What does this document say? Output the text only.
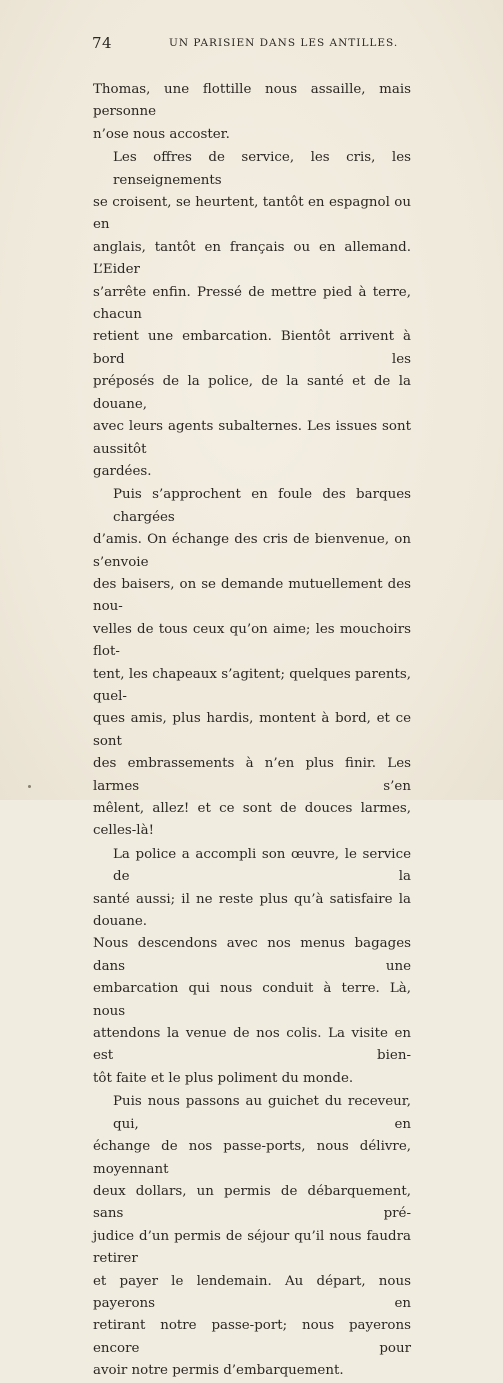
74	UN PARISIEN DANS LES ANTILLES.

Thomas, une flottille nous assaille, mais personne
n’ose nous accoster.

Les offres de service, les cris, les renseignements
se croisent, se heurtent, tantôt en espagnol ou en
anglais, tantôt en français ou en allemand. L’Eider
s’arrête enfin. Pressé de mettre pied à terre, chacun
retient une embarcation. Bientôt arrivent à bord les
préposés de la police, de la santé et de la douane,
avec leurs agents subalternes. Les issues sont aussitôt
gardées.

Puis s’approchent en foule des barques chargées
d’amis. On échange des cris de bienvenue, on s’envoie
des baisers, on se demande mutuellement des nou-
velles de tous ceux qu’on aime; les mouchoirs flot-
tent, les chapeaux s’agitent; quelques parents, quel-
ques amis, plus hardis, montent à bord, et ce sont
des embrassements à n’en plus finir. Les larmes s’en
mêlent, allez! et ce sont de douces larmes, celles-là!

La police a accompli son œuvre, le service de la
santé aussi; il ne reste plus qu’à satisfaire la douane.
Nous descendons avec nos menus bagages dans une
embarcation qui nous conduit à terre. Là, nous
attendons la venue de nos colis. La visite en est bien-
tôt faite et le plus poliment du monde.

Puis nous passons au guichet du receveur, qui, en
échange de nos passe-ports, nous délivre, moyennant
deux dollars, un permis de débarquement, sans pré-
judice d’un permis de séjour qu’il nous faudra retirer
et payer le lendemain. Au départ, nous payerons en
retirant notre passe-port; nous payerons encore pour
avoir notre permis d’embarquement.
